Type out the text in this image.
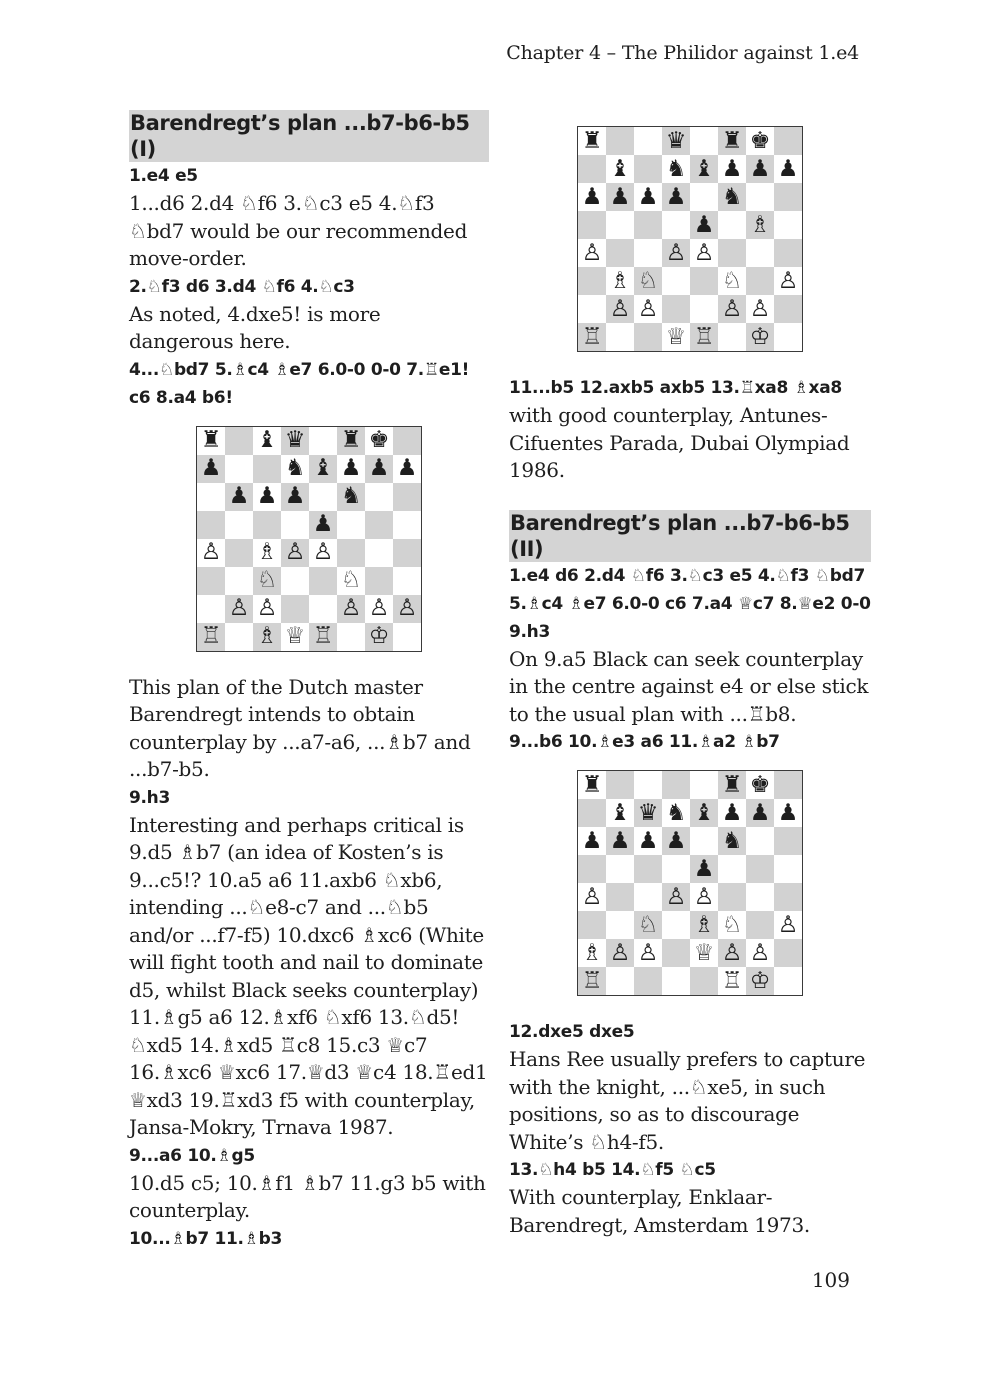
Chapter 4 – The Philidor against 1.e4
Barendregt’s plan ...b7-b6-b5 (I)

1.e4 e5

1...d6 2.d4 ♘f6 3.♘c3 e5 4.♘f3 ♘bd7 would be our recommended move-order.

2.♘f3 d6 3.d4 ♘f6 4.♘c3

As noted, 4.dxe5! is more dangerous here.

4...♘bd7 5.♗c4 ♗e7 6.0-0 0-0 7.♖e1! c6 8.a4 b6!

♜ ♝ ♛ ♜ ♚
♟	♞ ♝ ♟ ♟ ♟
♟ ♟ ♟ ♞
♟
♙ ♗ ♙ ♙
♘	♘
♙ ♙	♙ ♙ ♙
♖ ♗ ♕ ♖ ♔

This plan of the Dutch master Barendregt intends to obtain counterplay by ...a7-a6, ...♗b7 and ...b7-b5.

9.h3

Interesting and perhaps critical is 9.d5 ♗b7 (an idea of Kosten’s is 9...c5!? 10.a5 a6 11.axb6 ♘xb6, intending ...♘e8-c7 and ...♘b5 and/or ...f7-f5) 10.dxc6 ♗xc6 (White will fight tooth and nail to dominate d5, whilst Black seeks counterplay) 11.♗g5 a6 12.♗xf6 ♘xf6 13.♘d5! ♘xd5 14.♗xd5 ♖c8 15.c3 ♕c7 16.♗xc6 ♕xc6 17.♕d3 ♕c4 18.♖ed1 ♕xd3 19.♖xd3 f5 with counterplay, Jansa-Mokry, Trnava 1987.

9...a6 10.♗g5

10.d5 c5; 10.♗f1 ♗b7 11.g3 b5 with counterplay.

10...♗b7 11.♗b3

♜	♛ ♜ ♚
♝ ♞ ♝ ♟ ♟ ♟
♟ ♟ ♟ ♟ ♞
♟ ♗
♙	♙ ♙
♗ ♘	♘ ♙
♙ ♙	♙ ♙
♖	♕ ♖ ♔

11...b5 12.axb5 axb5 13.♖xa8 ♗xa8

with good counterplay, Antunes-Cifuentes Parada, Dubai Olympiad 1986.

Barendregt’s plan ...b7-b6-b5 (II)

1.e4 d6 2.d4 ♘f6 3.♘c3 e5 4.♘f3 ♘bd7 5.♗c4 ♗e7 6.0-0 c6 7.a4 ♕c7 8.♕e2 0-0 9.h3

On 9.a5 Black can seek counterplay in the centre against e4 or else stick to the usual plan with ...♖b8.

9...b6 10.♗e3 a6 11.♗a2 ♗b7

♜	♜ ♚
♝ ♛ ♞ ♝ ♟ ♟ ♟
♟ ♟ ♟ ♟ ♞
♟
♙	♙ ♙
♘ ♗ ♘ ♙
♗ ♙ ♙ ♕ ♙ ♙
♖	♖ ♔

12.dxe5 dxe5

Hans Ree usually prefers to capture with the knight, ...♘xe5, in such positions, so as to discourage White’s ♘h4-f5.

13.♘h4 b5 14.♘f5 ♘c5

With counterplay, Enklaar-Barendregt, Amsterdam 1973.

109
